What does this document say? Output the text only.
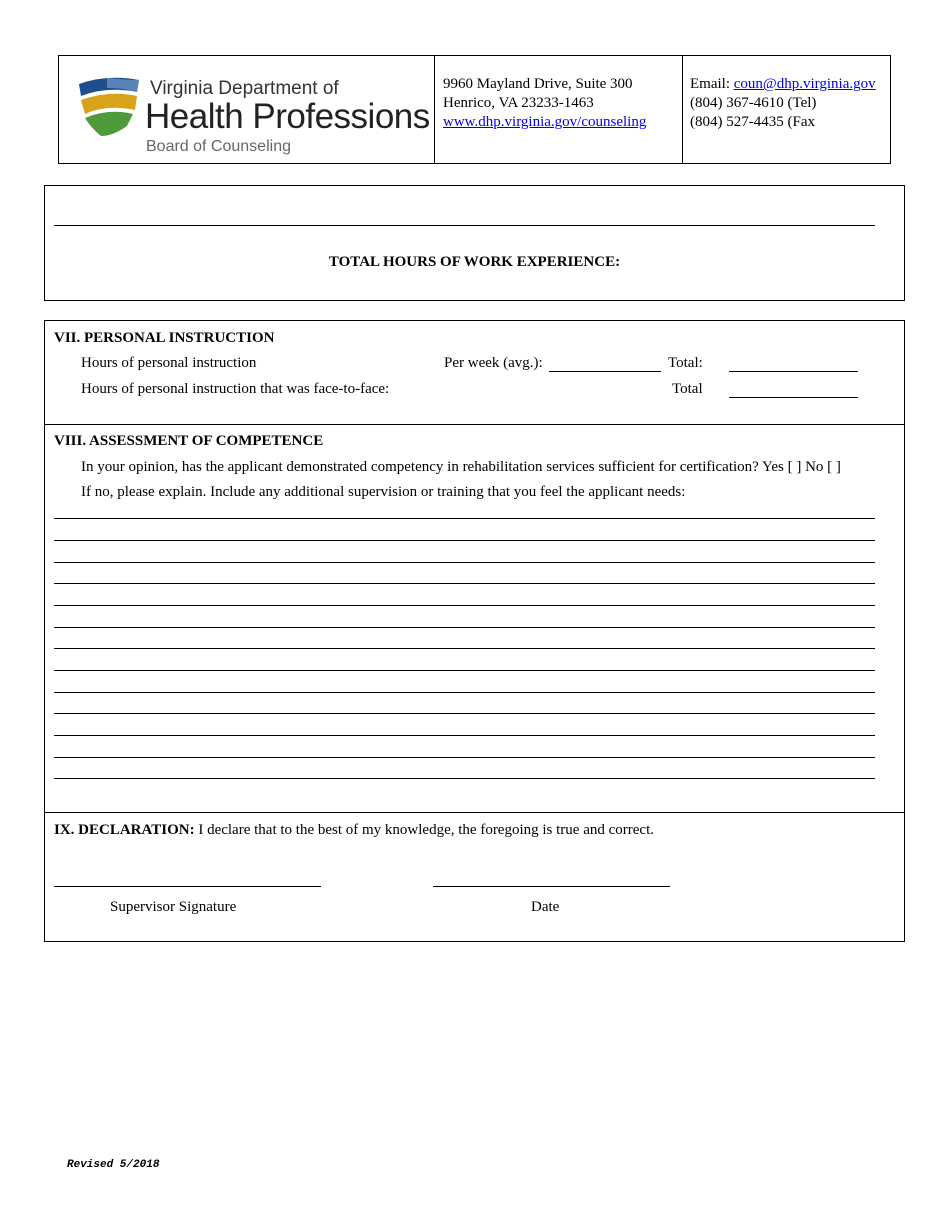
Virginia Department of
Health Professions
Board of Counseling
9960 Mayland Drive, Suite 300
Henrico, VA 23233-1463
www.dhp.virginia.gov/counseling
Email: coun@dhp.virginia.gov
(804) 367-4610 (Tel)
(804) 527-4435 (Fax
TOTAL HOURS OF WORK EXPERIENCE:
VII. PERSONAL INSTRUCTION
Hours of personal instruction	Per week (avg.):	Total:
Hours of personal instruction that was face-to-face:	Total
VIII. ASSESSMENT OF COMPETENCE
In your opinion, has the applicant demonstrated competency in rehabilitation services sufficient for certification? Yes [ ] No [ ]
If no, please explain. Include any additional supervision or training that you feel the applicant needs:
IX. DECLARATION: I declare that to the best of my knowledge, the foregoing is true and correct.
Supervisor Signature	Date
Revised 5/2018
